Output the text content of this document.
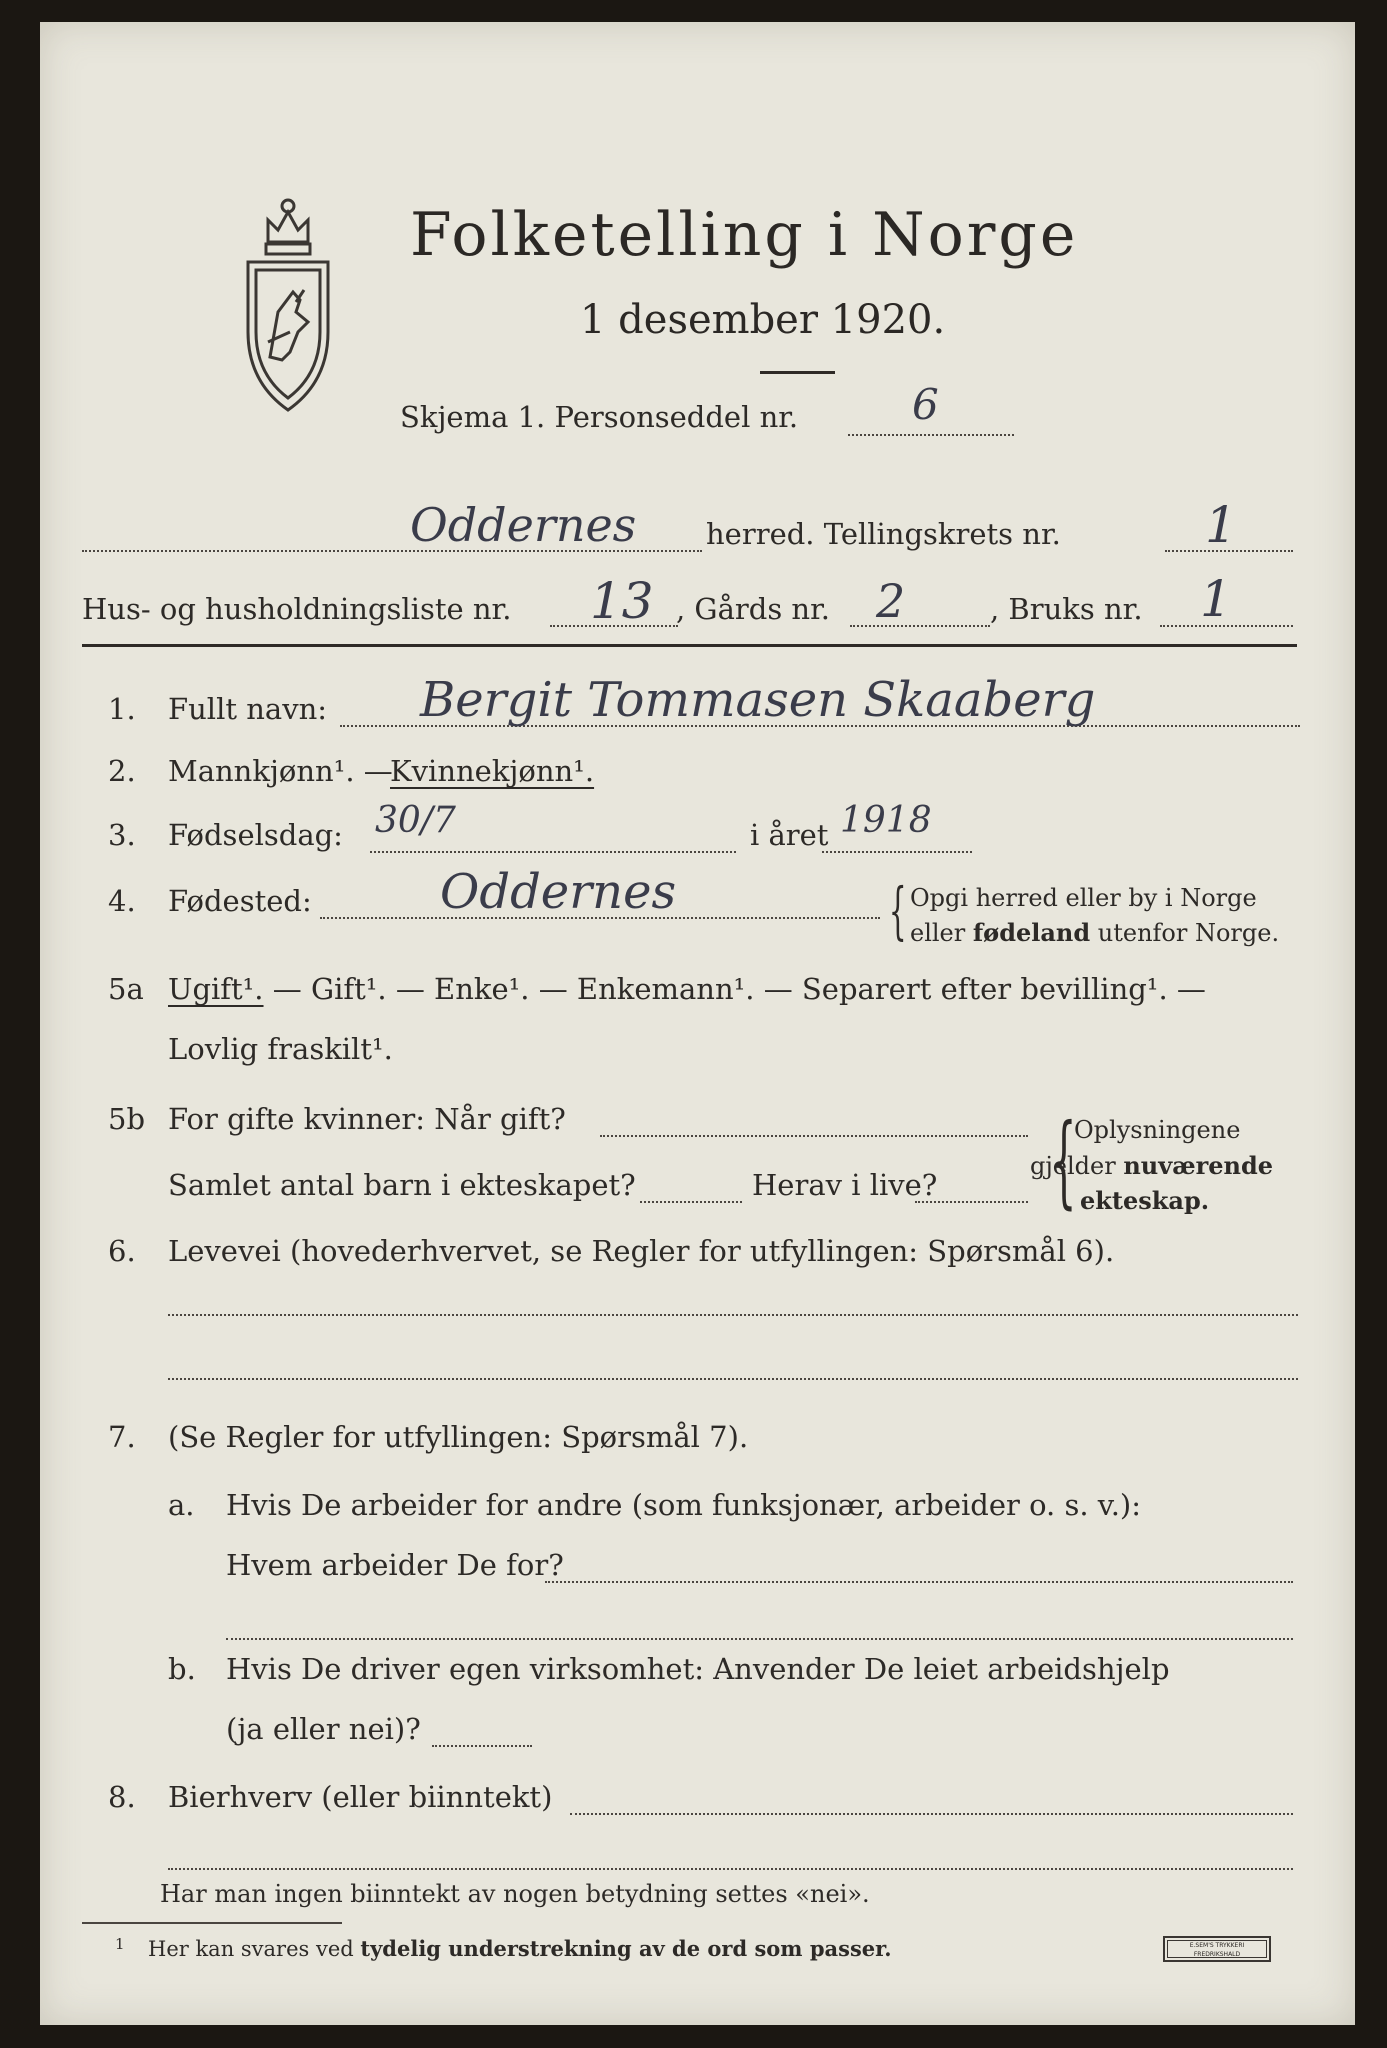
Folketelling i Norge
1 desember 1920.
Skjema 1. Personseddel nr.	6
Oddernes herred. Tellingskrets nr.	1
Hus- og husholdningsliste nr. 13 , Gårds nr. 2	, Bruks nr. 1
1. Fullt navn: Bergit Tommasen Skaaberg
2. Mannkjønn¹. —
Kvinnekjønn¹.
3. Fødselsdag: 30/7	i året 1918
4. Fødested:	Oddernes	{ Opgi herred eller by i Norge
eller fødeland utenfor Norge.
5a Ugift¹. — Gift¹. — Enke¹. — Enkemann¹. — Separert efter bevilling¹. —
Lovlig fraskilt¹.
5b For gifte kvinner: Når gift?
Samlet antal barn i ekteskapet?	Herav i live? {
Oplysningene
gjelder nuværende
ekteskap.
6. Levevei (hovederhvervet, se Regler for utfyllingen: Spørsmål 6).
7. (Se Regler for utfyllingen: Spørsmål 7).
a. Hvis De arbeider for andre (som funksjonær, arbeider o. s. v.):
Hvem arbeider De for?
b. Hvis De driver egen virksomhet: Anvender De leiet arbeidshjelp
(ja eller nei)?
8. Bierhverv (eller biinntekt)
Har man ingen biinntekt av nogen betydning settes «nei».
1 Her kan svares ved tydelig understrekning av de ord som passer.	E.SEM'S TRYKKERI FREDRIKSHALD
